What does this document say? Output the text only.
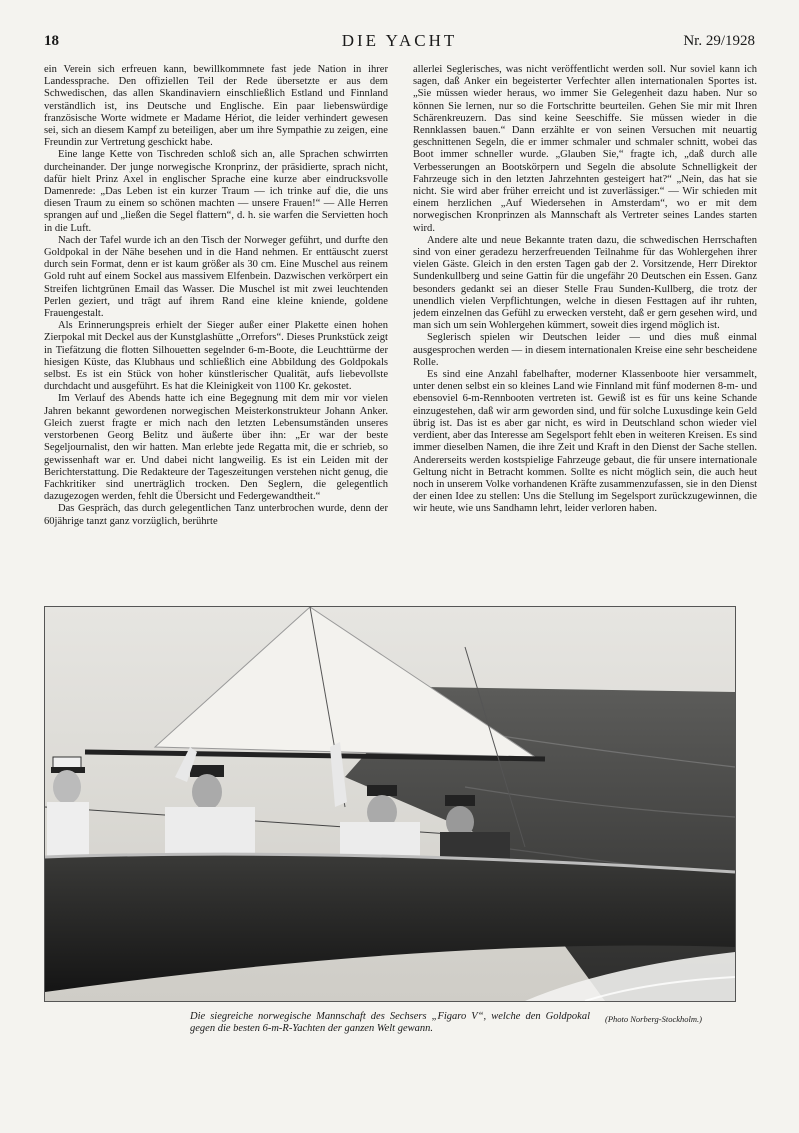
18	DIE YACHT	Nr. 29/1928

ein Verein sich erfreuen kann, bewillkommnete fast jede Nation in ihrer Landessprache. Den offiziellen Teil der Rede übersetzte er aus dem Schwedischen, das allen Skandinaviern einschließlich Estland und Finnland verständlich ist, ins Deutsche und Englische. Ein paar liebenswürdige französische Worte widmete er Madame Hériot, die leider verhindert gewesen sei, sich an diesem Kampf zu beteiligen, aber um ihre Sympathie zu zeigen, eine Freundin zur Vertretung geschickt habe.

Eine lange Kette von Tischreden schloß sich an, alle Sprachen schwirrten durcheinander. Der junge norwegische Kronprinz, der präsidierte, sprach nicht, dafür hielt Prinz Axel in englischer Sprache eine kurze aber eindrucksvolle Damenrede: „Das Leben ist ein kurzer Traum — ich trinke auf die, die uns diesen Traum zu einem so schönen machten — unsere Frauen!“ — Alle Herren sprangen auf und „ließen die Segel flattern“, d. h. sie warfen die Servietten hoch in die Luft.

Nach der Tafel wurde ich an den Tisch der Norweger geführt, und durfte den Goldpokal in der Nähe besehen und in die Hand nehmen. Er enttäuscht zuerst durch sein Format, denn er ist kaum größer als 30 cm. Eine Muschel aus reinem Gold ruht auf einem Sockel aus massivem Elfenbein. Dazwischen verkörpert ein Streifen lichtgrünen Email das Wasser. Die Muschel ist mit zwei leuchtenden Perlen geziert, und trägt auf ihrem Rand eine kleine kniende, goldene Frauengestalt.

Als Erinnerungspreis erhielt der Sieger außer einer Plakette einen hohen Zierpokal mit Deckel aus der Kunstglashütte „Orrefors“. Dieses Prunkstück zeigt in Tiefätzung die flotten Silhouetten segelnder 6-m-Boote, die Leuchttürme der hiesigen Küste, das Klubhaus und schließlich eine Abbildung des Goldpokals selbst. Es ist ein Stück von hoher künstlerischer Qualität, aufs liebevollste durchdacht und ausgeführt. Es hat die Kleinigkeit von 1100 Kr. gekostet.

Im Verlauf des Abends hatte ich eine Begegnung mit dem mir vor vielen Jahren bekannt gewordenen norwegischen Meisterkonstrukteur Johann Anker. Gleich zuerst fragte er mich nach den letzten Lebensumständen unseres verstorbenen Georg Belitz und äußerte über ihn: „Er war der beste Segeljournalist, den wir hatten. Man erlebte jede Regatta mit, die er schrieb, so gewissenhaft war er. Und dabei nicht langweilig. Es ist ein Leiden mit der Berichterstattung. Die Redakteure der Tageszeitungen verstehen nicht genug, die Fachkritiker sind unerträglich trocken. Den Seglern, die gelegentlich dazugezogen werden, fehlt die Übersicht und Federgewandtheit.“

Das Gespräch, das durch gelegentlichen Tanz unterbrochen wurde, denn der 60jährige tanzt ganz vorzüglich, berührte

allerlei Seglerisches, was nicht veröffentlicht werden soll. Nur soviel kann ich sagen, daß Anker ein begeisterter Verfechter allen internationalen Sportes ist. „Sie müssen wieder heraus, wo immer Sie Gelegenheit dazu haben. Nur so können Sie lernen, nur so die Fortschritte beurteilen. Gehen Sie mir mit Ihren Schärenkreuzern. Das sind keine Seeschiffe. Sie müssen wieder in die Rennklassen bauen.“ Dann erzählte er von seinen Versuchen mit neuartig geschnittenen Segeln, die er immer schmaler und schmaler schnitt, wobei das Boot immer schneller wurde. „Glauben Sie,“ fragte ich, „daß durch alle Verbesserungen an Bootskörpern und Segeln die absolute Schnelligkeit der Fahrzeuge sich in den letzten Jahrzehnten gesteigert hat?“ „Nein, das hat sie nicht. Sie wird aber früher erreicht und ist zuverlässiger.“ — Wir schieden mit einem herzlichen „Auf Wiedersehen in Amsterdam“, wo er mit dem norwegischen Kronprinzen als Mannschaft als Vertreter seines Landes starten wird.

Andere alte und neue Bekannte traten dazu, die schwedischen Herrschaften sind von einer geradezu herzerfreuenden Teilnahme für das Wohlergehen ihrer vielen Gäste. Gleich in den ersten Tagen gab der 2. Vorsitzende, Herr Direktor Sundenkullberg und seine Gattin für die ungefähr 20 Deutschen ein Essen. Ganz besonders gedankt sei an dieser Stelle Frau Sunden-Kullberg, die trotz der unendlich vielen Verpflichtungen, welche in diesen Festtagen auf ihr ruhten, jedem einzelnen das Gefühl zu erwecken versteht, daß er gern gesehen wird, und man sich um sein Wohlergehen kümmert, soweit dies irgend möglich ist.

Seglerisch spielen wir Deutschen leider — und dies muß einmal ausgesprochen werden — in diesem internationalen Kreise eine sehr bescheidene Rolle.

Es sind eine Anzahl fabelhafter, moderner Klassenboote hier versammelt, unter denen selbst ein so kleines Land wie Finnland mit fünf modernen 8-m- und ebensoviel 6-m-Rennbooten vertreten ist. Gewiß ist es für uns keine Schande einzugestehen, daß wir arm geworden sind, und für solche Luxusdinge kein Geld übrig ist. Das ist es aber gar nicht, es wird in Deutschland schon wieder viel verdient, aber das Interesse am Segelsport fehlt eben in weiteren Kreisen. Es sind immer dieselben Namen, die ihre Zeit und Kraft in den Dienst der Sache stellen. Andererseits werden kostspielige Fahrzeuge gebaut, die für unsere internationale Geltung nicht in Betracht kommen. Sollte es nicht möglich sein, die auch heut noch in unserem Volke vorhandenen Kräfte zusammenzufassen, sie in den Dienst der einen Idee zu stellen: Uns die Stellung im Segelsport zurückzugewinnen, die wir heute, wie uns Sandhamn lehrt, leider verloren haben.

Die siegreiche norwegische Mannschaft des Sechsers „Figaro V“, welche den Goldpokal gegen die besten 6-m-R-Yachten der ganzen Welt gewann.
(Photo Norberg-Stockholm.)
